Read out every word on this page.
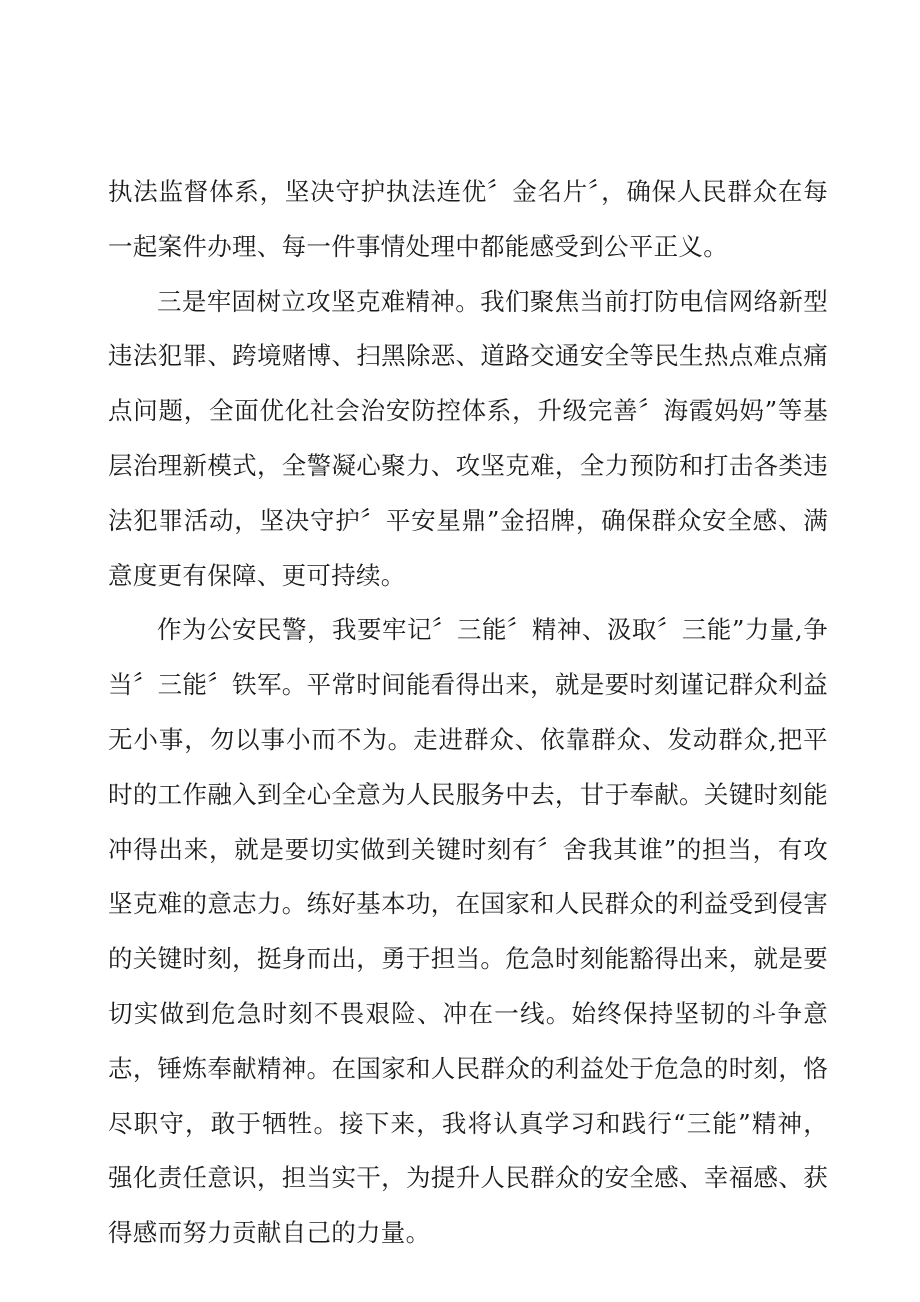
执法监督体系，坚决守护执法连优〞金名片〞，确保人民群众在每一起案件办理、每一件事情处理中都能感受到公平正义。

三是牢固树立攻坚克难精神。我们聚焦当前打防电信网络新型违法犯罪、跨境赌博、扫黑除恶、道路交通安全等民生热点难点痛点问题，全面优化社会治安防控体系，升级完善〞海霞妈妈”等基层治理新模式，全警凝心聚力、攻坚克难，全力预防和打击各类违法犯罪活动，坚决守护〞平安星鼎”金招牌，确保群众安全感、满意度更有保障、更可持续。

作为公安民警，我要牢记〞三能〞精神、汲取〞三能”力量,争当〞三能〞铁军。平常时间能看得出来，就是要时刻谨记群众利益无小事，勿以事小而不为。走进群众、依靠群众、发动群众,把平时的工作融入到全心全意为人民服务中去，甘于奉献。关键时刻能冲得出来，就是要切实做到关键时刻有〞舍我其谁”的担当，有攻坚克难的意志力。练好基本功，在国家和人民群众的利益受到侵害的关键时刻，挺身而出，勇于担当。危急时刻能豁得出来，就是要切实做到危急时刻不畏艰险、冲在一线。始终保持坚韧的斗争意志，锤炼奉献精神。在国家和人民群众的利益处于危急的时刻，恪尽职守，敢于牺牲。接下来，我将认真学习和践行“三能”精神，强化责任意识，担当实干，为提升人民群众的安全感、幸福感、获得感而努力贡献自己的力量。
